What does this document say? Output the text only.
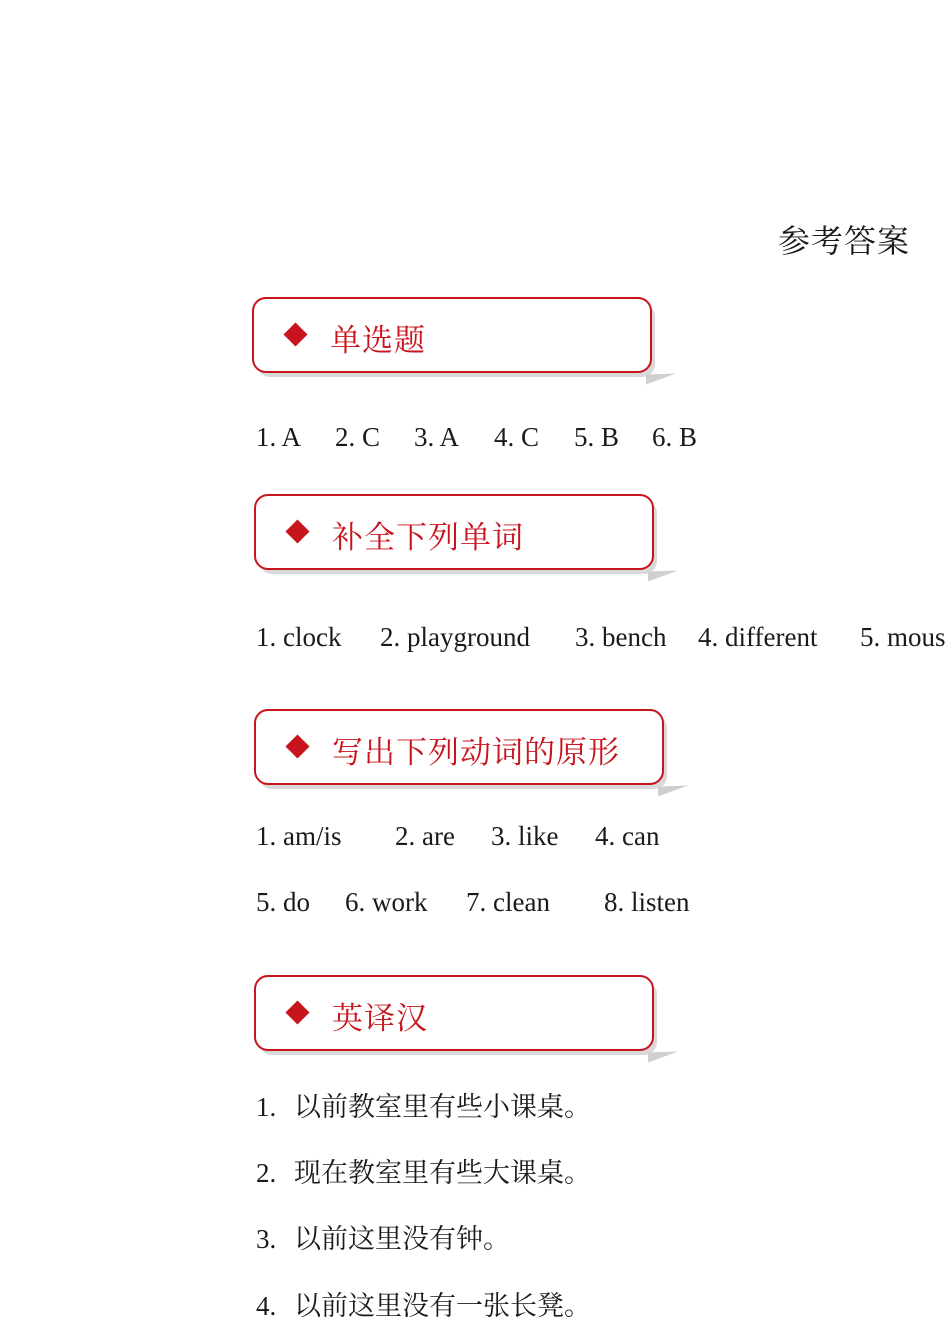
参考答案
单选题
1. A 2. C 3. A 4. C 5. B 6. B
补全下列单词
1. clock 2. playground 3. bench 4. different 5. mous
写出下列动词的原形
1. am/is 2. are 3. like 4. can
5. do 6. work 7. clean 8. listen
英译汉
1. 以前教室里有些小课桌。
2. 现在教室里有些大课桌。
3. 以前这里没有钟。
4. 以前这里没有一张长凳。
